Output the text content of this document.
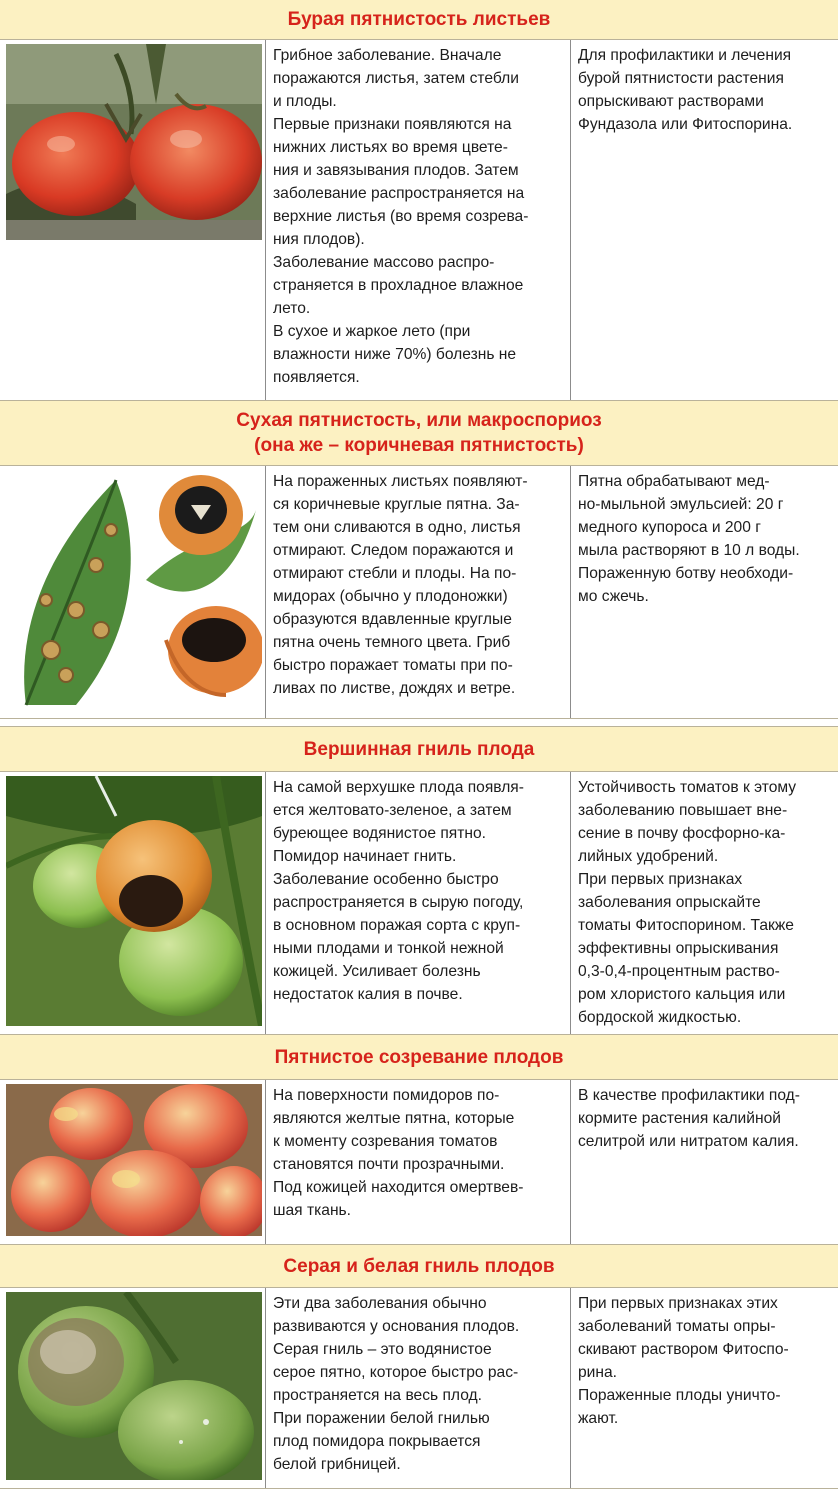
Бурая пятнистость листьев

Грибное заболевание. Вначале
поражаются листья, затем стебли
и плоды.

Первые признаки появляются на
нижних листьях во время цвете-
ния и завязывания плодов. Затем
заболевание распространяется на
верхние листья (во время созрева-
ния плодов).

Заболевание массово распро-
страняется в прохладное влажное
лето.

В сухое и жаркое лето (при
влажности ниже 70%) болезнь не
появляется.

Для профилактики и лечения
бурой пятнистости растения
опрыскивают растворами
Фундазола или Фитоспорина.

Сухая пятнистость, или макроспориоз
(она же – коричневая пятнистость)

На пораженных листьях появляют-
ся коричневые круглые пятна. За-
тем они сливаются в одно, листья
отмирают. Следом поражаются и
отмирают стебли и плоды. На по-
мидорах (обычно у плодоножки)
образуются вдавленные круглые
пятна очень темного цвета. Гриб
быстро поражает томаты при по-
ливах по листве, дождях и ветре.

Пятна обрабатывают мед-
но-мыльной эмульсией: 20 г
медного купороса и 200 г
мыла растворяют в 10 л воды.
Пораженную ботву необходи-
мо сжечь.

Вершинная гниль плода

На самой верхушке плода появля-
ется желтовато-зеленое, а затем
буреющее водянистое пятно.
Помидор начинает гнить.
Заболевание особенно быстро
распространяется в сырую погоду,
в основном поражая сорта с круп-
ными плодами и тонкой нежной
кожицей. Усиливает болезнь
недостаток калия в почве.

Устойчивость томатов к этому
заболеванию повышает вне-
сение в почву фосфорно-ка-
лийных удобрений.

При первых признаках
заболевания опрыскайте
томаты Фитоспорином. Также
эффективны опрыскивания
0,3-0,4-процентным раство-
ром хлористого кальция или
бордоской жидкостью.

Пятнистое созревание плодов

На поверхности помидоров по-
являются желтые пятна, которые
к моменту созревания томатов
становятся почти прозрачными.
Под кожицей находится омертвев-
шая ткань.

В качестве профилактики под-
кормите растения калийной
селитрой или нитратом калия.

Серая и белая гниль плодов

Эти два заболевания обычно
развиваются у основания плодов.
Серая гниль – это водянистое
серое пятно, которое быстро рас-
пространяется на весь плод.
При поражении белой гнилью
плод помидора покрывается
белой грибницей.

При первых признаках этих
заболеваний томаты опры-
скивают раствором Фитоспо-
рина.
Пораженные плоды уничто-
жают.
